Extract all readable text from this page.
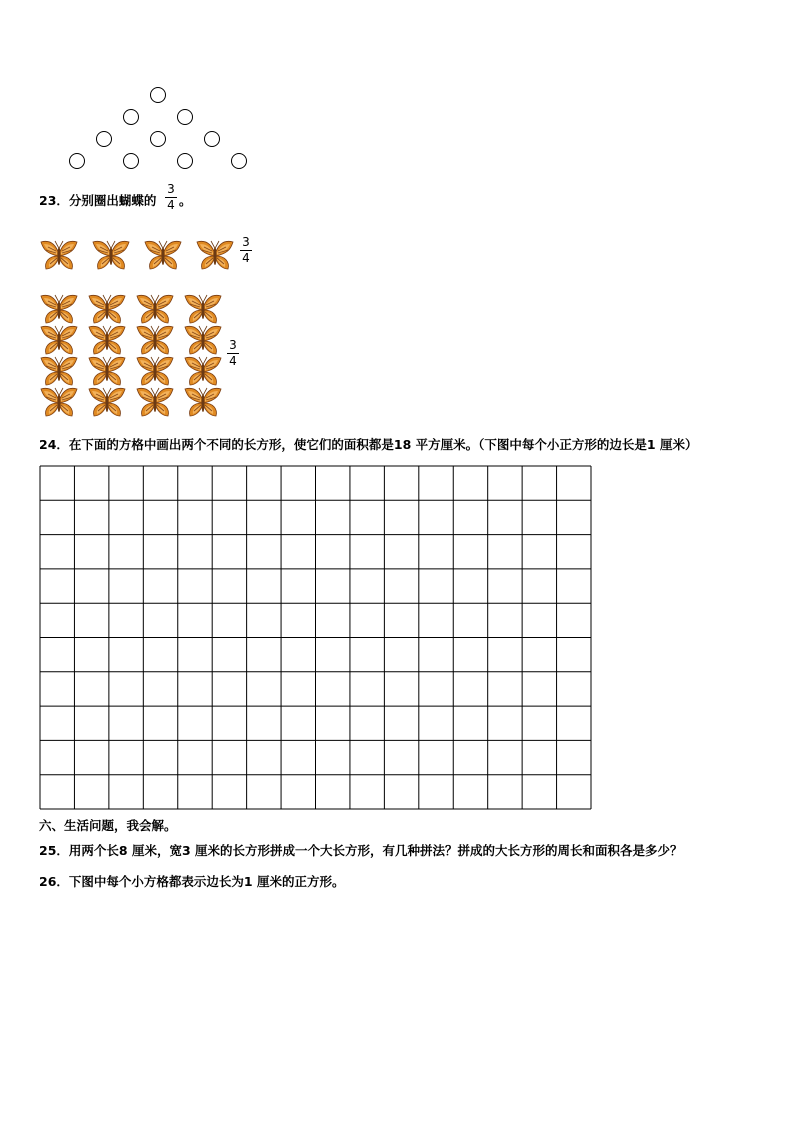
23．分别圈出蝴蝶的
3
4 。
3
4
3
4
24．在下面的方格中画出两个不同的长方形，使它们的面积都是18 平方厘米。（下图中每个小正方形的边长是1 厘米）
六、生活问题，我会解。
25．用两个长8 厘米，宽3 厘米的长方形拼成一个大长方形，有几种拼法？拼成的大长方形的周长和面积各是多少？
26．下图中每个小方格都表示边长为1 厘米的正方形。
